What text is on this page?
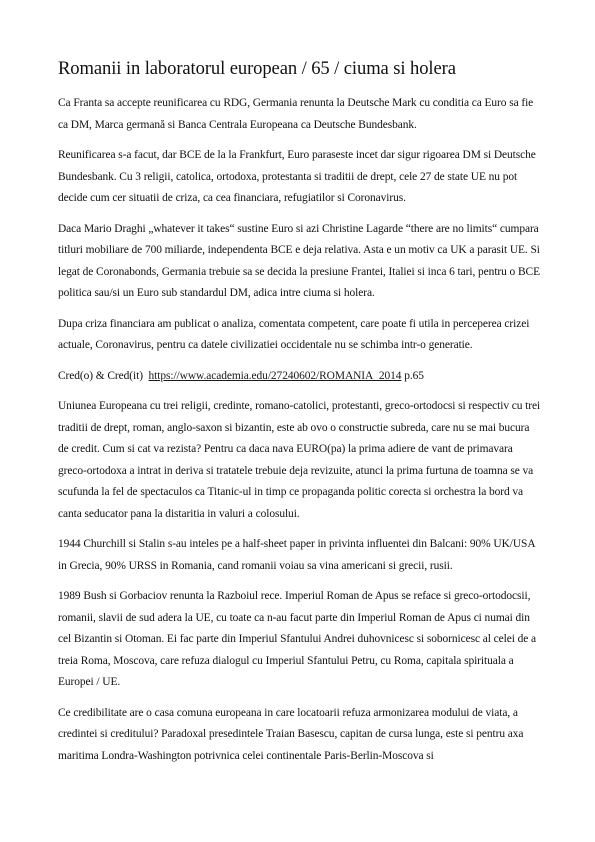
Romanii in laboratorul european / 65 / ciuma si holera

Ca Franta sa accepte reunificarea cu RDG, Germania renunta la Deutsche Mark cu conditia ca Euro sa fie ca DM, Marca germană si Banca Centrala Europeana ca Deutsche Bundesbank.

Reunificarea s-a facut, dar BCE de la la Frankfurt, Euro paraseste incet dar sigur rigoarea DM si Deutsche Bundesbank. Cu 3 religii, catolica, ortodoxa, protestanta si traditii de drept, cele 27 de state UE nu pot decide cum cer situatii de criza, ca cea financiara, refugiatilor si Coronavirus.

Daca Mario Draghi „whatever it takes“ sustine Euro si azi Christine Lagarde “there are no limits“ cumpara titluri mobiliare de 700 miliarde, independenta BCE e deja relativa. Asta e un motiv ca UK a parasit UE. Si legat de Coronabonds, Germania trebuie sa se decida la presiune Frantei, Italiei si inca 6 tari, pentru o BCE politica sau/si un Euro sub standardul DM, adica intre ciuma si holera.

Dupa criza financiara am publicat o analiza, comentata competent, care poate fi utila in perceperea crizei actuale, Coronavirus, pentru ca datele civilizatiei occidentale nu se schimba intr-o generatie.

Cred(o) & Cred(it) https://www.academia.edu/27240602/ROMANIA_2014 p.65

Uniunea Europeana cu trei religii, credinte, romano-catolici, protestanti, greco-ortodocsi si respectiv cu trei traditii de drept, roman, anglo-saxon si bizantin, este ab ovo o constructie subreda, care nu se mai bucura de credit. Cum si cat va rezista? Pentru ca daca nava EURO(pa) la prima adiere de vant de primavara greco-ortodoxa a intrat in deriva si tratatele trebuie deja revizuite, atunci la prima furtuna de toamna se va scufunda la fel de spectaculos ca Titanic-ul in timp ce propaganda politic corecta si orchestra la bord va canta seducator pana la distaritia in valuri a colosului.

1944 Churchill si Stalin s-au inteles pe a half-sheet paper in privinta influentei din Balcani: 90% UK/USA in Grecia, 90% URSS in Romania, cand romanii voiau sa vina americani si grecii, rusii.

1989 Bush si Gorbaciov renunta la Razboiul rece. Imperiul Roman de Apus se reface si greco-ortodocsii, romanii, slavii de sud adera la UE, cu toate ca n-au facut parte din Imperiul Roman de Apus ci numai din cel Bizantin si Otoman. Ei fac parte din Imperiul Sfantului Andrei duhovnicesc si sobornicesc al celei de a treia Roma, Moscova, care refuza dialogul cu Imperiul Sfantului Petru, cu Roma, capitala spirituala a Europei / UE.

Ce credibilitate are o casa comuna europeana in care locatoarii refuza armonizarea modului de viata, a credintei si creditului? Paradoxal presedintele Traian Basescu, capitan de cursa lunga, este si pentru axa maritima Londra-Washington potrivnica celei continentale Paris-Berlin-Moscova si
